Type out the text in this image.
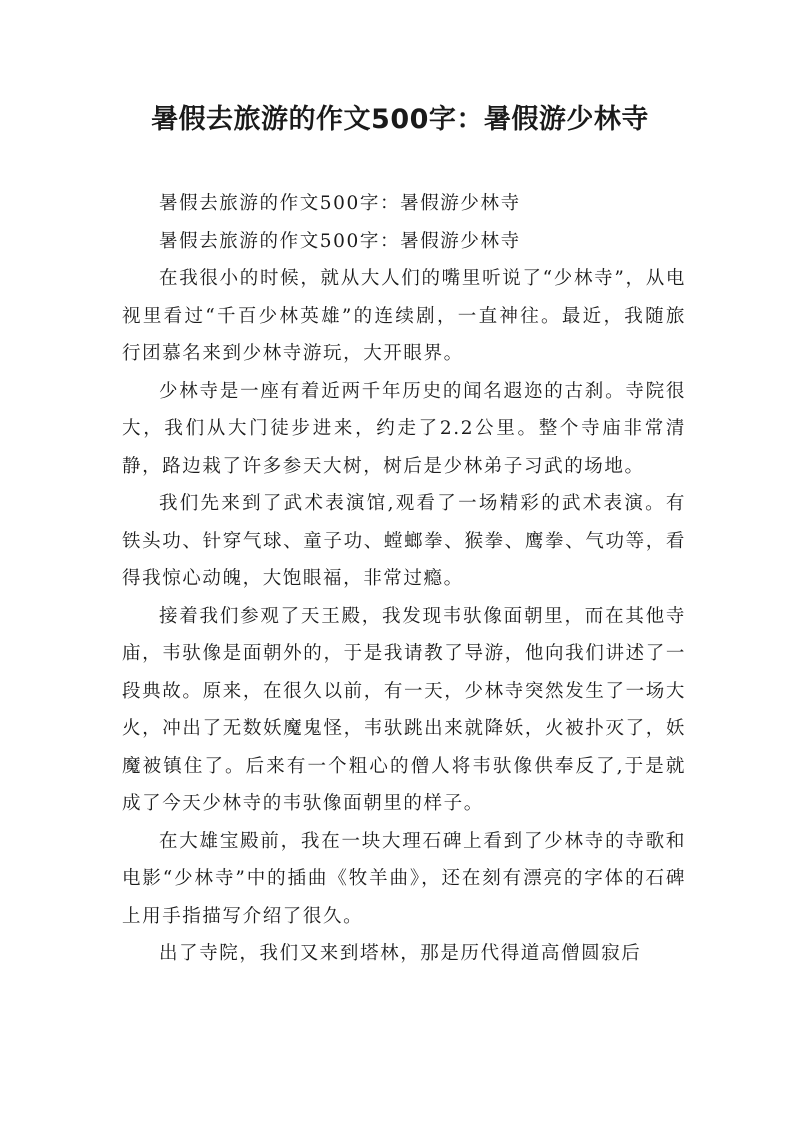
暑假去旅游的作文500字：暑假游少林寺

暑假去旅游的作文500字：暑假游少林寺

暑假去旅游的作文500字：暑假游少林寺

在我很小的时候，就从大人们的嘴里听说了“少林寺”，从电视里看过“千百少林英雄”的连续剧，一直神往。最近，我随旅行团慕名来到少林寺游玩，大开眼界。

少林寺是一座有着近两千年历史的闻名遐迩的古刹。寺院很大，我们从大门徒步进来，约走了2.2公里。整个寺庙非常清静，路边栽了许多参天大树，树后是少林弟子习武的场地。

我们先来到了武术表演馆,观看了一场精彩的武术表演。有铁头功、针穿气球、童子功、螳螂拳、猴拳、鹰拳、气功等，看得我惊心动魄，大饱眼福，非常过瘾。

接着我们参观了天王殿，我发现韦驮像面朝里，而在其他寺庙，韦驮像是面朝外的，于是我请教了导游，他向我们讲述了一段典故。原来，在很久以前，有一天，少林寺突然发生了一场大火，冲出了无数妖魔鬼怪，韦驮跳出来就降妖，火被扑灭了，妖魔被镇住了。后来有一个粗心的僧人将韦驮像供奉反了,于是就成了今天少林寺的韦驮像面朝里的样子。

在大雄宝殿前，我在一块大理石碑上看到了少林寺的寺歌和电影“少林寺”中的插曲《牧羊曲》，还在刻有漂亮的字体的石碑上用手指描写介绍了很久。

出了寺院，我们又来到塔林，那是历代得道高僧圆寂后
